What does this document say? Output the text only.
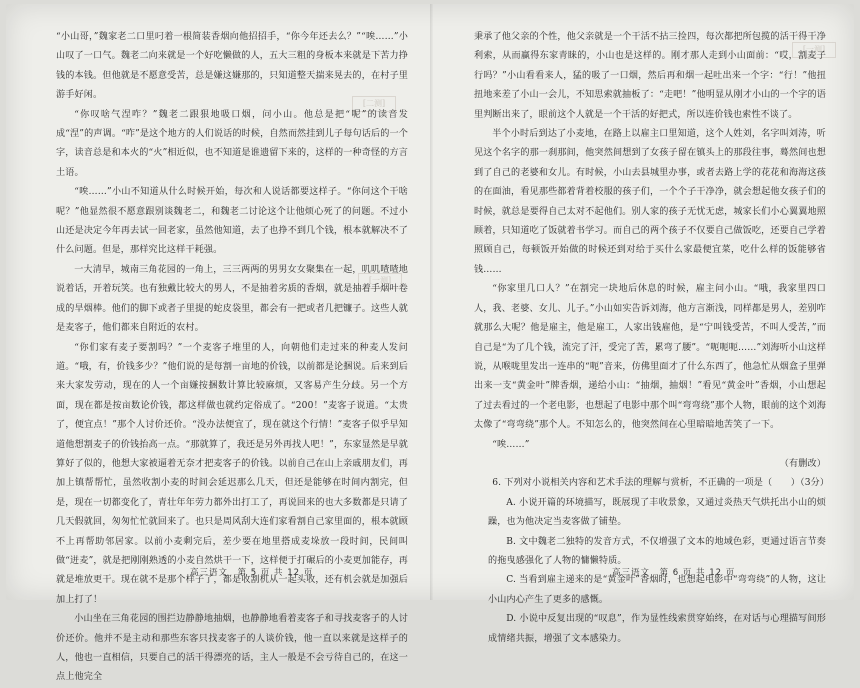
[二测]
[一测]
[一测]

“小山哥，”魏家老二口里叼着一根简装香烟向他招招手，“你今年还去么？”“唉……”小山叹了一口气。魏老二向来就是一个好吃懒做的人，五大三粗的身板本来就是下苦力挣钱的本钱。但他就是不愿意受苦，总是嫌这嫌那的，只知道整天揣来晃去的，在村子里游手好闲。

“你叹啥气涅咋？”魏老二跟狠地吸口烟，问小山。他总是把“呢”的读音发成“涅”的声调。“咋”是这个地方的人们说话的时候，自然而然挂到儿子每句话后的一个字，读音总是和本火的“火”相近似，也不知道是谁遗留下来的，这样的一种奇怪的方言土语。

“唉……”小山不知道从什么时候开始，每次和人说话都要这样子。“你问这个干啥呢？”他显然很不愿意跟别谈魏老二，和魏老二讨论这个让他烦心死了的问题。不过小山还是决定今年再去试一回老家，虽然他知道，去了也挣不到几个钱，根本就解决不了什么问题。但是，那样究比这样干耗强。

一大清早，城南三角花园的一角上，三三两两的男男女女聚集在一起，叽叽喳喳地说着话，开着玩笑。也有独戴比较大的男人，不是抽着劣质的香烟，就是抽着手烟叶卷成的旱烟棒。他们的脚下或者子里提的蛇皮袋里，都会有一把或者几把镰子。这些人就是麦客子，他们都来自附近的农村。

“你们家有麦子要割吗？”一个麦客子堆里的人，向朝他们走过来的种麦人发问道。“哦，有，价钱多少？”他们说的是每割一亩地的价钱，以前都是论捆说。后来到后来大家发劳动，现在的人一个亩嫌按捆数计算比较麻烦，又客易产生分歧。另一个方面，现在都是按亩数论价钱，都这样做也就约定俗成了。“200！”麦客子说道。“太贵了，便宜点！”那个人讨价还价。“没办法便宜了，现在就这个行情！”麦客子似乎早知道他想割麦子的价钱抬高一点。“那就算了，我还是另外再找人吧！”，东家显然是早就算好了似的，他想大家被逼着无奈才把麦客子的价钱。以前自己在山上亲戚朋友们，再加上镇帮帮忙，虽然收割小麦的时间会延迟那么几天，但还是能够在时间内割完，但是，现在一切都变化了，青壮年年劳力都外出打工了，再说回来的也大多数都是只请了几天假就回，匆匆忙忙就回来了。也只是周风刮大连们家看割自己家里面的，根本就顾不上再帮助邻居家。以前小麦剩完后，差少要在地里搭成麦垛放一段时间，民间叫做“迸麦”，就是把刚刚熟透的小麦自然烘干一下，这样便于打碾后的小麦更加能存，再就是堆放更干。现在就不是那个样子了，都是收割机从一起头收，还有机会就是加强后加上打了！

小山坐在三角花园的围拦边静静地抽烟，也静静地看着麦客子和寻找麦客子的人讨价还价。他并不是主动和那些东客只找麦客子的人谈价钱，他一直以来就是这样子的人，他也一直相信，只要自己的活干得漂亮的话，主人一般是不会亏待自己的，在这一点上他完全

秉承了他父亲的个性，他父亲就是一个干活不拈三捡四，每次都把所包揽的活干得干净利索，从而赢得东家青睐的，小山也是这样的。刚才那人走到小山面前：“哎，割麦子行吗？”小山看看来人，猛的吸了一口烟，然后再和烟一起吐出来一个字：“行！”他扭扭地来差了小山一会儿，不知思索就抽板了：“走吧！”他明显从刚才小山的一个字的语里判断出来了，眼前这个人就是一个干活的好把式，所以连价钱也索性不谈了。

半个小时后到达了小麦地，在路上以雇主口里知道，这个人姓刘，名字叫刘涛，听见这个名字的那一刹那间，他突然间想到了女孩子留在镇头上的那段往事，蓦然间也想到了自己的老婆和女儿。有时候，小山去县城里办事，或者去路上学的花花和海海这孩的在面油，看见那些都着背着校服的孩子们，一个个子干净净，就会想起他女孩子们的时候，就总是要得自己太对不起他们。别人家的孩子无忧无虑，城家长们小心翼翼地照顾着，只知道吃了饭就着书学习。而自己的两个孩子不仅要自己做饭吃，还要自己学着照顾自己，每顿饭开始做的时候还到对给于买什么家最便宜菜，吃什么样的饭能够省钱……

“你家里几口人？”在割完一块地后休息的时候，雇主问小山。“哦，我家里四口人，我、老婆、女儿、儿子。”小山如实告诉刘海，他方言渐浅，同样都是男人，差别咋就那么大呢？他是雇主，他是雇工，人家出钱雇他，是“宁叫钱受苦，不叫人受苦，”而自己是“为了几个钱，流完了汗，受完了苦，累弯了腰”。“呃呃呃……”刘海听小山这样说，从喉咙里发出一连串的“呃”音来，仿佛里面才了什么东西了，他急忙从烟盒子里弹出来一支“黄金叶”牌香烟，递给小山：“抽烟，抽烟！”看见“黄金叶”香烟，小山想起了过去看过的一个老电影，也想起了电影中那个叫“弯弯绕”那个人物，眼前的这个刘海太像了“弯弯绕”那个人。不知怎么的，他突然间在心里暗暗地苦笑了一下。

“唉……”

（有删改）

6. 下列对小说相关内容和艺术手法的理解与赏析，不正确的一项是（　　）（3分）

A. 小说开篇的环境描写，既展现了丰收景象，又通过炎热天气烘托出小山的烦躁，也为他决定当麦客做了铺垫。

B. 文中魏老二独特的发音方式，不仅增强了文本的地域色彩，更通过语言节奏的拖曳感强化了人物的慵懒特质。

C. 当看到雇主递来的是“黄金叶”香烟时，也想起电影中“弯弯绕”的人物，这让小山内心产生了更多的感慨。

D. 小说中反复出现的“叹息”，作为显性线索贯穿始终，在对话与心理描写间形成情绪共振，增强了文本感染力。

高三语文　第 5 页 共 12 页	高三语文　第 6 页 共 12 页
